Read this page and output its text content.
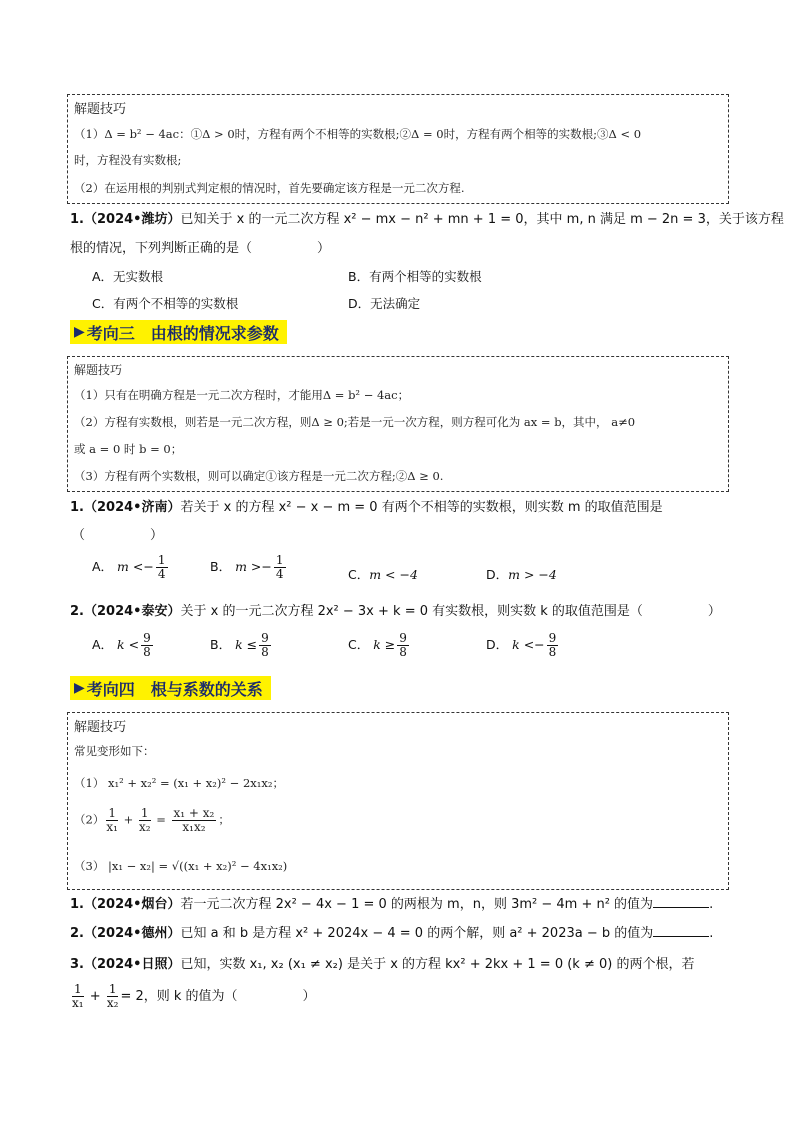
解题技巧
（1）Δ = b² − 4ac：①Δ > 0时，方程有两个不相等的实数根;②Δ = 0时，方程有两个相等的实数根;③Δ < 0
时，方程没有实数根;
（2）在运用根的判别式判定根的情况时，首先要确定该方程是一元二次方程.
1.（2024•潍坊）已知关于 x 的一元二次方程 x² − mx − n² + mn + 1 = 0，其中 m, n 满足 m − 2n = 3，关于该方程
根的情况，下列判断正确的是（　　　　　）
A．无实数根	B．有两个相等的实数根
C．有两个不相等的实数根	D．无法确定
▶ 考向三 由根的情况求参数
解题技巧
（1）只有在明确方程是一元二次方程时，才能用Δ = b² − 4ac；
（2）方程有实数根，则若是一元二次方程，则Δ ≥ 0;若是一元一次方程，则方程可化为 ax = b，其中， a≠0
或 a = 0 时 b = 0；
（3）方程有两个实数根，则可以确定①该方程是一元二次方程;②Δ ≥ 0.
1.（2024•济南）若关于 x 的方程 x² − x − m = 0 有两个不相等的实数根，则实数 m 的取值范围是
（　　　　　）
A． $m <- \frac{1}{4}$	B． $m >- \frac{1}{4}$	C．m < −4	D．m > −4
2.（2024•泰安）关于 x 的一元二次方程 2x² − 3x + k = 0 有实数根，则实数 k 的取值范围是（　　　　　）
A． $k < \frac{9}{8}$	B． $k \le \frac{9}{8}$	C． $k \ge \frac{9}{8}$	D． $k <- \frac{9}{8}$
▶ 考向四 根与系数的关系
解题技巧
常见变形如下：
（1） x₁² + x₂² = (x₁ + x₂)² − 2x₁x₂；
$(2) \frac{1}{\text{x₁}} + \frac{1}{\text{x₂}} = \frac{\text{x₁ + x₂}}{\text{x₁x₂}}$ ；
（3） |x₁ − x₂| = √((x₁ + x₂)² − 4x₁x₂)
1.（2024•烟台）若一元二次方程 2x² − 4x − 1 = 0 的两根为 m，n，则 3m² − 4m + n² 的值为	.
2.（2024•德州）已知 a 和 b 是方程 x² + 2024x − 4 = 0 的两个解，则 a² + 2023a − b 的值为	.
3.（2024•日照）已知，实数 x₁, x₂ (x₁ ≠ x₂) 是关于 x 的方程 kx² + 2kx + 1 = 0 (k ≠ 0) 的两个根，若
$\frac{1}{\text{x₁}} + \frac{1}{\text{x₂}} = 2$，则 k 的值为（　　　　　）
